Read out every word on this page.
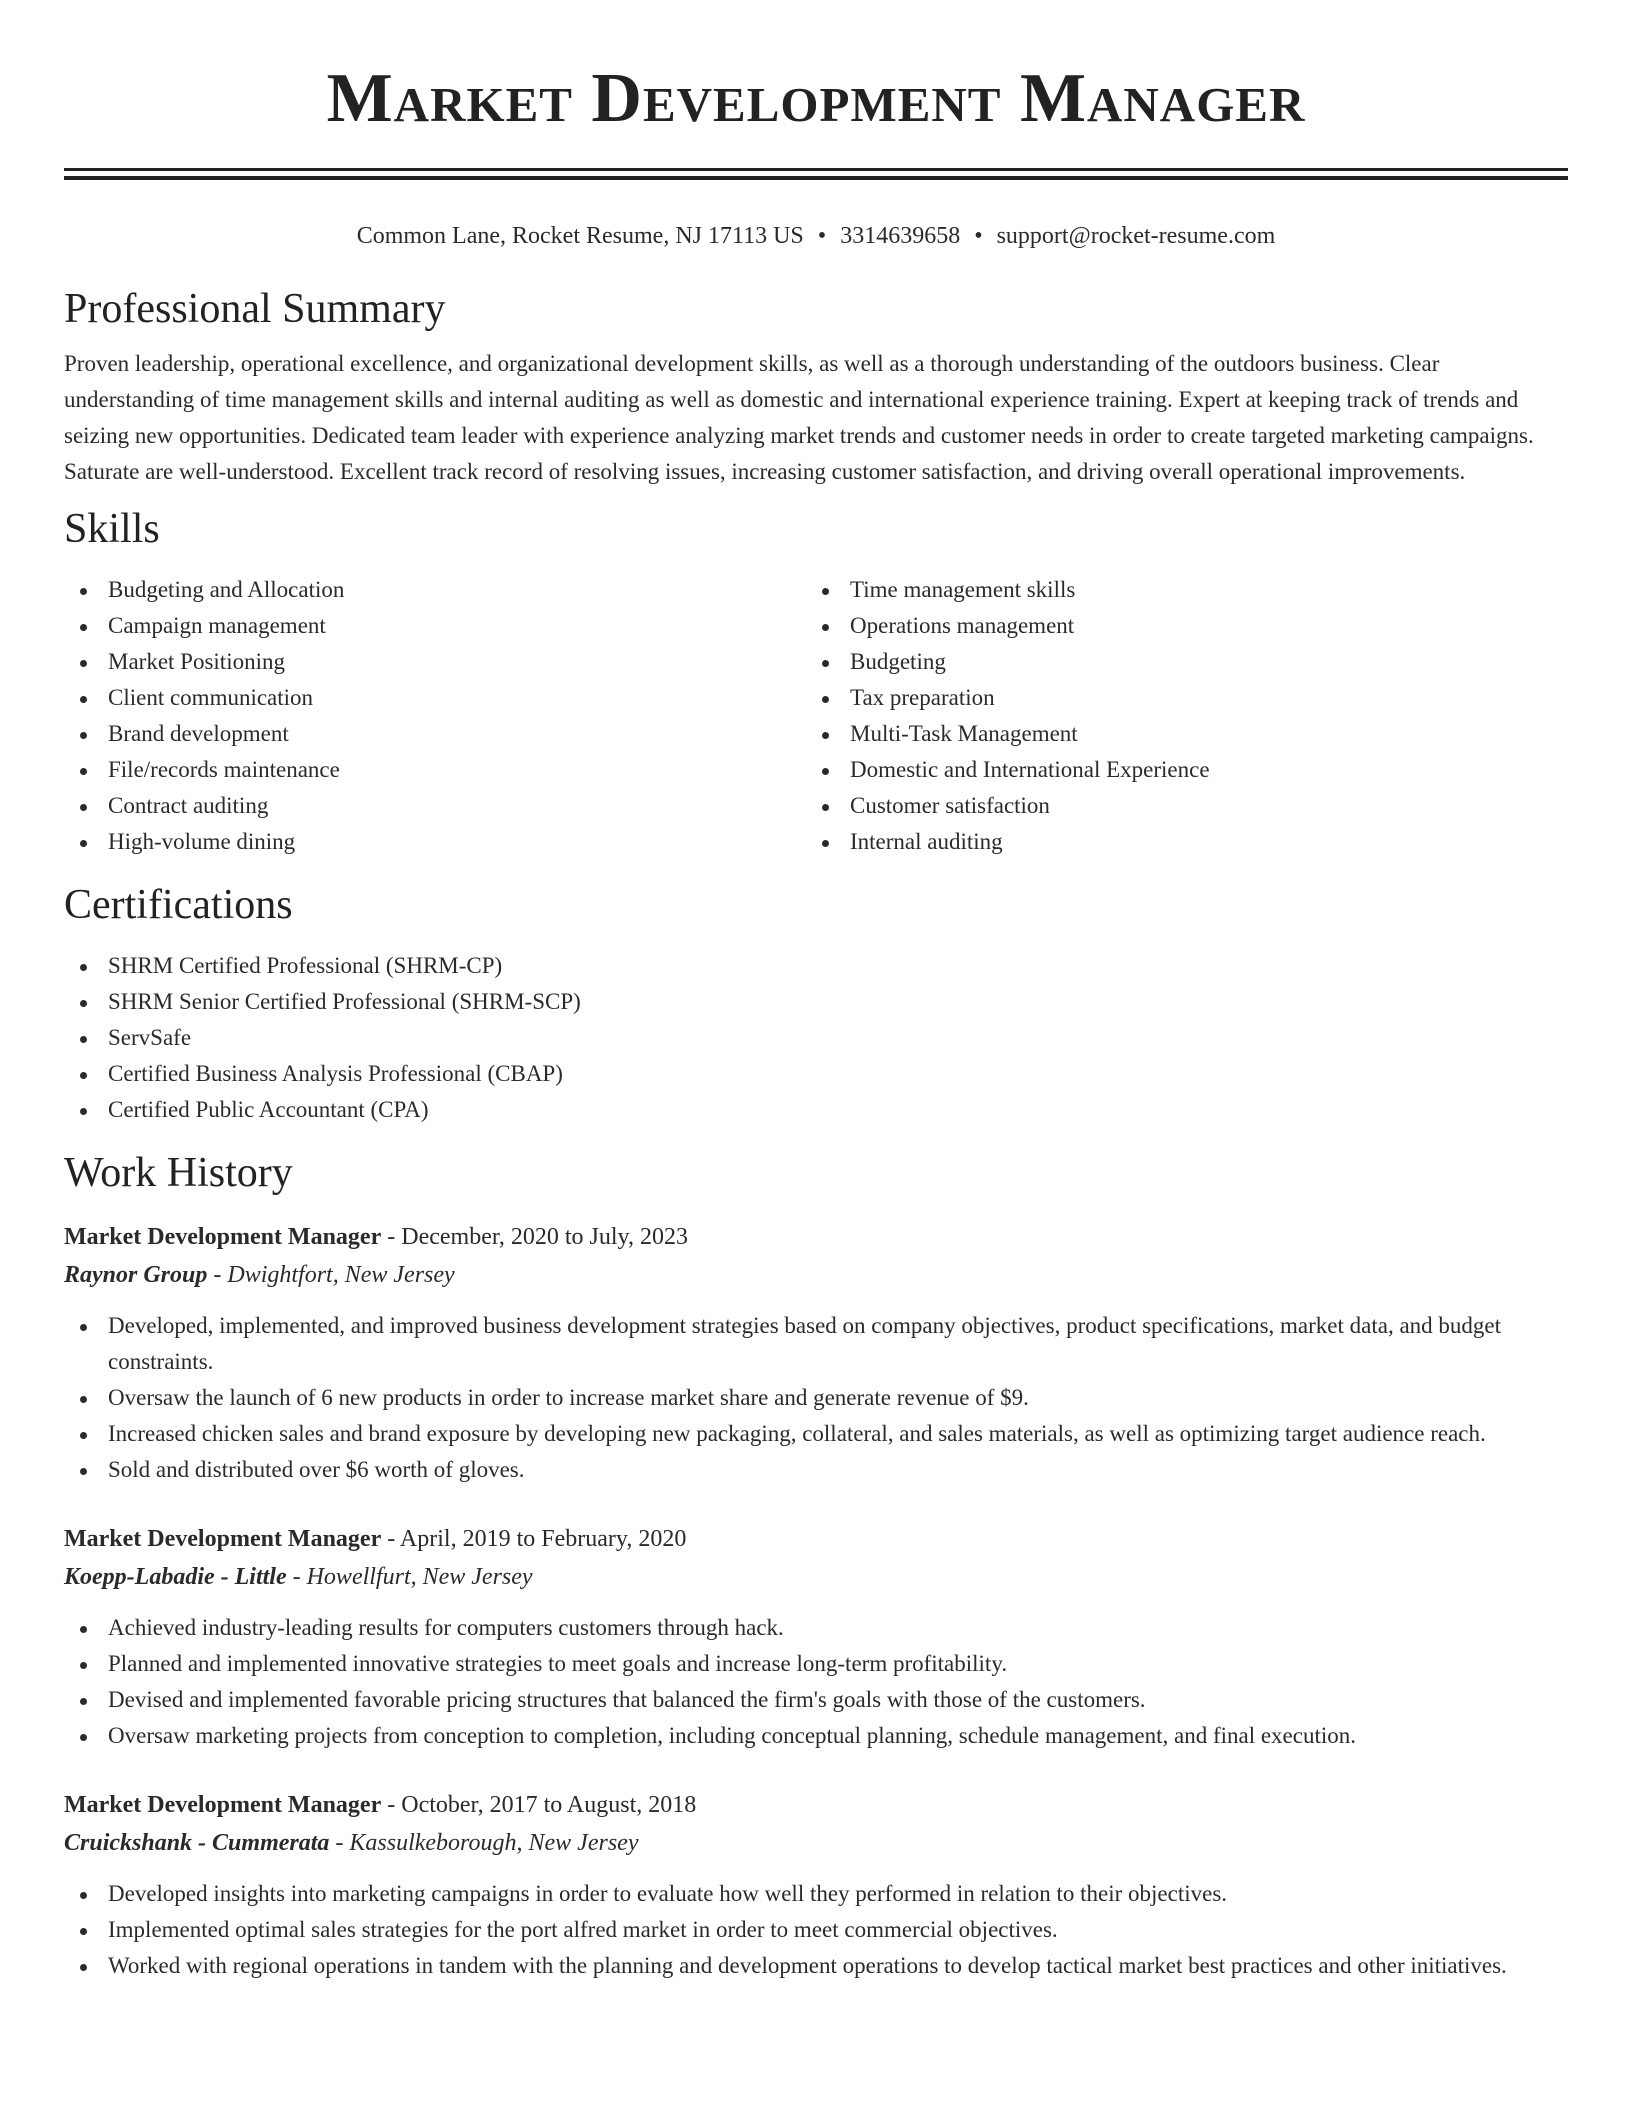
Market Development Manager
Common Lane, Rocket Resume, NJ 17113 US • 3314639658 • support@rocket-resume.com
Professional Summary

Proven leadership, operational excellence, and organizational development skills, as well as a thorough understanding of the outdoors business. Clear understanding of time management skills and internal auditing as well as domestic and international experience training. Expert at keeping track of trends and seizing new opportunities. Dedicated team leader with experience analyzing market trends and customer needs in order to create targeted marketing campaigns. Saturate are well-understood. Excellent track record of resolving issues, increasing customer satisfaction, and driving overall operational improvements.

Skills
Budgeting and Allocation
Campaign management
Market Positioning
Client communication
Brand development
File/records maintenance
Contract auditing
High-volume dining
Time management skills
Operations management
Budgeting
Tax preparation
Multi-Task Management
Domestic and International Experience
Customer satisfaction
Internal auditing
Certifications
SHRM Certified Professional (SHRM-CP)
SHRM Senior Certified Professional (SHRM-SCP)
ServSafe
Certified Business Analysis Professional (CBAP)
Certified Public Accountant (CPA)
Work History
Market Development Manager - December, 2020 to July, 2023
Raynor Group - Dwightfort, New Jersey
Developed, implemented, and improved business development strategies based on company objectives, product specifications, market data, and budget constraints.
Oversaw the launch of 6 new products in order to increase market share and generate revenue of $9.
Increased chicken sales and brand exposure by developing new packaging, collateral, and sales materials, as well as optimizing target audience reach.
Sold and distributed over $6 worth of gloves.
Market Development Manager - April, 2019 to February, 2020
Koepp-Labadie - Little - Howellfurt, New Jersey
Achieved industry-leading results for computers customers through hack.
Planned and implemented innovative strategies to meet goals and increase long-term profitability.
Devised and implemented favorable pricing structures that balanced the firm's goals with those of the customers.
Oversaw marketing projects from conception to completion, including conceptual planning, schedule management, and final execution.
Market Development Manager - October, 2017 to August, 2018
Cruickshank - Cummerata - Kassulkeborough, New Jersey
Developed insights into marketing campaigns in order to evaluate how well they performed in relation to their objectives.
Implemented optimal sales strategies for the port alfred market in order to meet commercial objectives.
Worked with regional operations in tandem with the planning and development operations to develop tactical market best practices and other initiatives.
